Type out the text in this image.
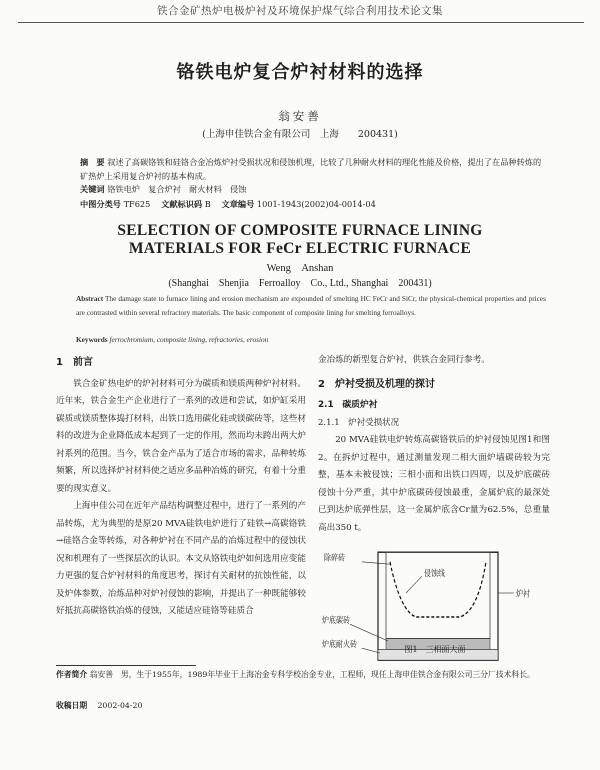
铁合金矿热炉电极炉衬及环境保护煤气综合利用技术论文集
铬铁电炉复合炉衬材料的选择
翁安善
(上海申佳铁合金有限公司　上海　　200431)
摘　要 叙述了高碳铬铁和硅铬合金冶炼炉衬受损状况和侵蚀机理，比较了几种耐火材料的理化性能及价格，提出了在品种转炼的矿热炉上采用复合炉衬的基本构成。
关键词 铬铁电炉　复合炉衬　耐火材料　侵蚀
中图分类号 TF625　 文献标识码 B　 文章编号 1001-1943(2002)04-0014-04
SELECTION OF COMPOSITE FURNACE LINING
MATERIALS FOR FeCr ELECTRIC FURNACE
Weng　Anshan
(Shanghai　Shenjia　Ferroalloy　Co., Ltd., Shanghai　200431)
Abstract The damage state to furnace lining and erosion mechanism are expounded of smelting HC FeCr and SiCr, the physical-chemical properties and prices are contrasted within several refractory materials. The basic component of composite lining for smelting ferroalloys.
Keywords ferrochromium, composite lining, refractories, erosion
1　前言

铁合金矿热电炉的炉衬材料可分为碳质和镁质两种炉衬材料。近年来，铁合金生产企业进行了一系列的改进和尝试，如炉缸采用碳质或镁质整体捣打材料，出铁口选用碳化硅或镁碳砖等，这些材料的改进为企业降低成本起到了一定的作用，然而均未跨出两大炉衬系列的范围。当今，铁合金产品为了适合市场的需求，品种转炼频繁，所以选择炉衬材料使之适应多品种冶炼的研究，有着十分重要的现实意义。

上海申佳公司在近年产品结构调整过程中，进行了一系列的产品转炼，尤为典型的是原20 MVA硅铁电炉进行了硅铁→高碳铬铁→硅铬合金等转炼，对各种炉衬在不同产品的冶炼过程中的侵蚀状况和机理有了一些探层次的认识。本文从铬铁电炉如何选用应变能力更强的复合炉衬材料的角度思考，探讨有关耐材的抗蚀性能，以及炉体参数，冶炼品种对炉衬侵蚀的影响，并提出了一种既能够较好抵抗高碳铬铁冶炼的侵蚀，又能适应硅铬等硅质合

金冶炼的新型复合炉衬，供铁合金同行参考。

2　炉衬受损及机理的探讨
2.1　碳质炉衬
2.1.1　炉衬受损状况

20 MVA硅铁电炉转炼高碳铬铁后的炉衬侵蚀见图1和图2。在拆炉过程中，通过测量发现二相大面炉墙碳砖较为完整，基本未被侵蚀；三相小面和出铁口四周，以及炉底碳砖侵蚀十分严重，其中炉底碳砖侵蚀最重，金属炉底的最深处已到达炉底弹性层，这一金属炉底含Cr量为62.5%，总重量高出350 t。

除碎砖
侵蚀线
炉底碳砖
炉底耐火砖
炉衬
图1　三相面大面
作者简介 翁安善　男，生于1955年，1989年毕业于上海冶金专科学校冶金专业，工程师，现任上海申佳铁合金有限公司三分厂技术科长。
收稿日期　 2002-04-20
